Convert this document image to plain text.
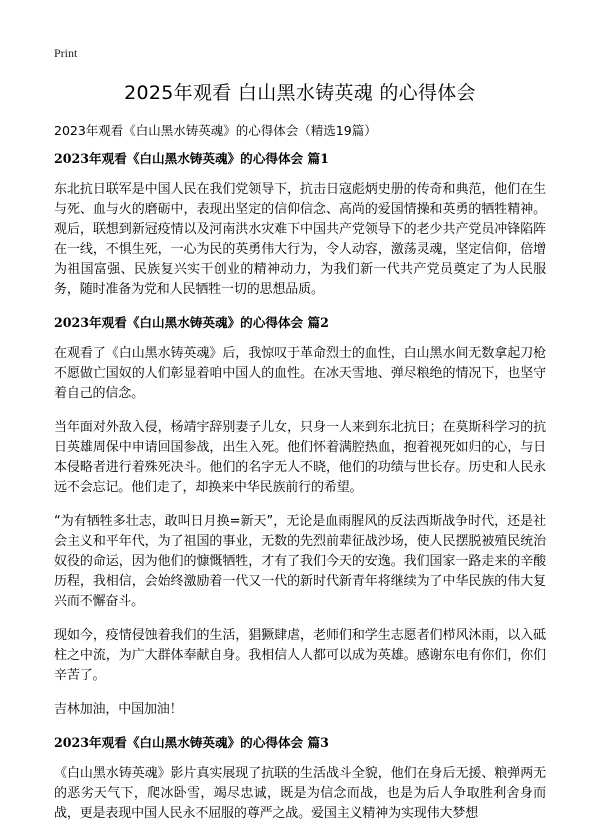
Print
2025年观看 白山黑水铸英魂 的心得体会
2023年观看《白山黑水铸英魂》的心得体会（精选19篇）
2023年观看《白山黑水铸英魂》的心得体会 篇1

东北抗日联军是中国人民在我们党领导下，抗击日寇彪炳史册的传奇和典范，他们在生与死、血与火的磨砺中，表现出坚定的信仰信念、高尚的爱国情操和英勇的牺牲精神。观后，联想到新冠疫情以及河南洪水灾难下中国共产党领导下的老少共产党员冲锋陷阵在一线，不惧生死，一心为民的英勇伟大行为，令人动容，激荡灵魂，坚定信仰，倍增为祖国富强、民族复兴实干创业的精神动力，为我们新一代共产党员奠定了为人民服务，随时准备为党和人民牺牲一切的思想品质。

2023年观看《白山黑水铸英魂》的心得体会 篇2

在观看了《白山黑水铸英魂》后，我惊叹于革命烈士的血性，白山黑水间无数拿起刀枪不愿做亡国奴的人们彰显着咱中国人的血性。在冰天雪地、弹尽粮绝的情况下，也坚守着自己的信念。

当年面对外敌入侵，杨靖宇辞别妻子儿女，只身一人来到东北抗日；在莫斯科学习的抗日英雄周保中申请回国参战，出生入死。他们怀着满腔热血，抱着视死如归的心，与日本侵略者进行着殊死决斗。他们的名字无人不晓，他们的功绩与世长存。历史和人民永远不会忘记。他们走了，却换来中华民族前行的希望。

“为有牺牲多壮志，敢叫日月换=新天”，无论是血雨腥风的反法西斯战争时代，还是社会主义和平年代，为了祖国的事业，无数的先烈前辈征战沙场，使人民摆脱被殖民统治奴役的命运，因为他们的慷慨牺牲，才有了我们今天的安逸。我们国家一路走来的辛酸历程，我相信，会始终激励着一代又一代的新时代新青年将继续为了中华民族的伟大复兴而不懈奋斗。

现如今，疫情侵蚀着我们的生活，猖獗肆虐，老师们和学生志愿者们栉风沐雨，以入砥柱之中流，为广大群体奉献自身。我相信人人都可以成为英雄。感谢东电有你们，你们辛苦了。

吉林加油，中国加油！

2023年观看《白山黑水铸英魂》的心得体会 篇3

《白山黑水铸英魂》影片真实展现了抗联的生活战斗全貌，他们在身后无援、粮弹两无的恶劣天气下，爬冰卧雪，竭尽忠诚，既是为信念而战，也是为后人争取胜利舍身而战，更是表现中国人民永不屈服的尊严之战。爱国主义精神为实现伟大梦想
